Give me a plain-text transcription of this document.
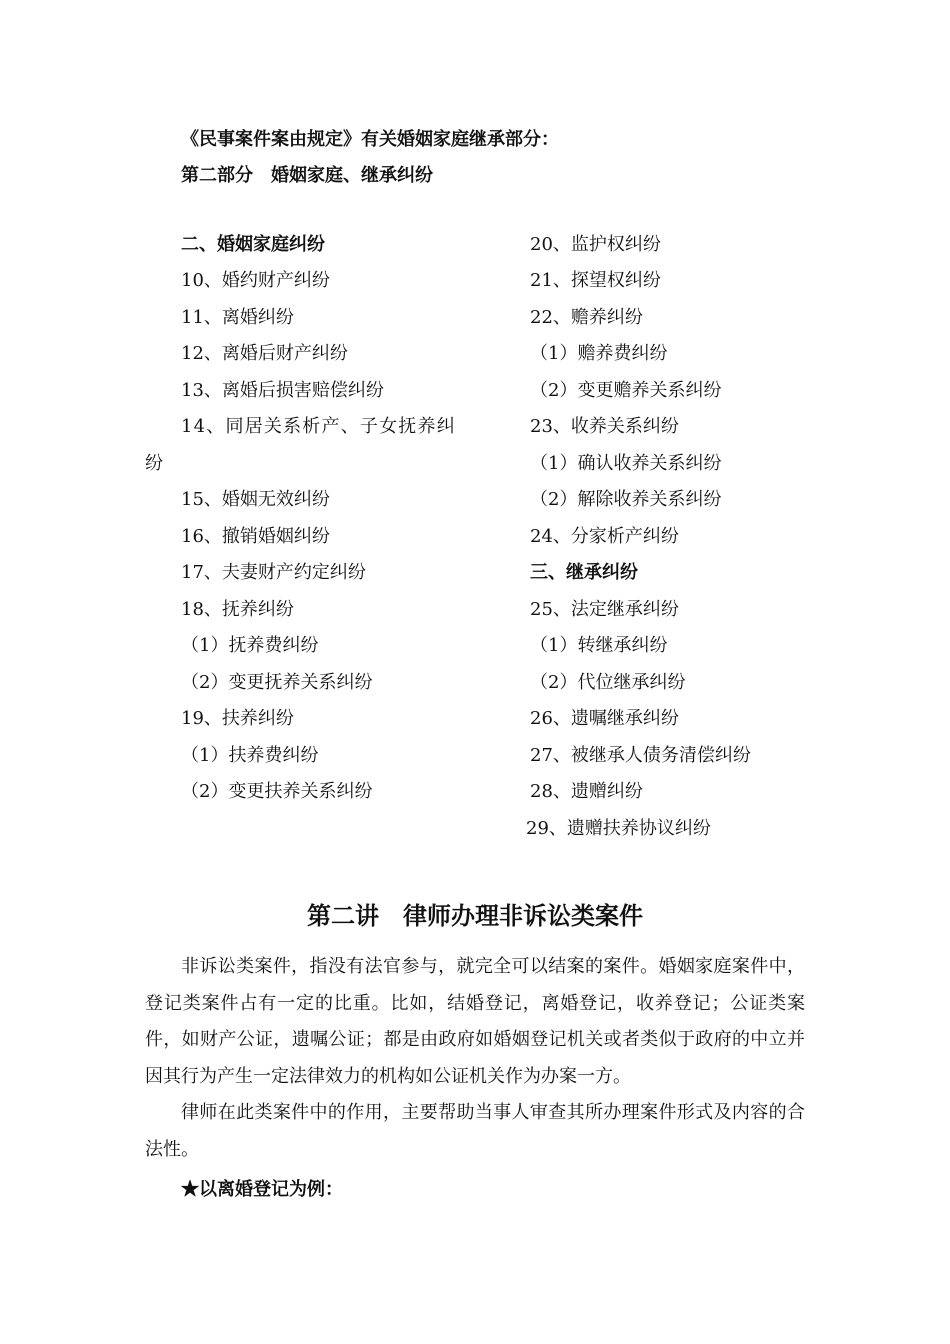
《民事案件案由规定》有关婚姻家庭继承部分：
第二部分　婚姻家庭、继承纠纷
二、婚姻家庭纠纷
10、婚约财产纠纷
11、离婚纠纷
12、离婚后财产纠纷
13、离婚后损害赔偿纠纷
14、同居关系析产、子女抚养纠
纷
15、婚姻无效纠纷
16、撤销婚姻纠纷
17、夫妻财产约定纠纷
18、抚养纠纷
（1）抚养费纠纷
（2）变更抚养关系纠纷
19、扶养纠纷
（1）扶养费纠纷
（2）变更扶养关系纠纷
20、监护权纠纷
21、探望权纠纷
22、赡养纠纷
（1）赡养费纠纷
（2）变更赡养关系纠纷
23、收养关系纠纷
（1）确认收养关系纠纷
（2）解除收养关系纠纷
24、分家析产纠纷
三、继承纠纷
25、法定继承纠纷
（1）转继承纠纷
（2）代位继承纠纷
26、遗嘱继承纠纷
27、被继承人债务清偿纠纷
28、遗赠纠纷
29、遗赠扶养协议纠纷
第二讲　律师办理非诉讼类案件
非诉讼类案件，指没有法官参与，就完全可以结案的案件。婚姻家庭案件中，登记类案件占有一定的比重。比如，结婚登记，离婚登记，收养登记；公证类案件，如财产公证，遗嘱公证；都是由政府如婚姻登记机关或者类似于政府的中立并因其行为产生一定法律效力的机构如公证机关作为办案一方。
律师在此类案件中的作用，主要帮助当事人审查其所办理案件形式及内容的合法性。
★以离婚登记为例：
